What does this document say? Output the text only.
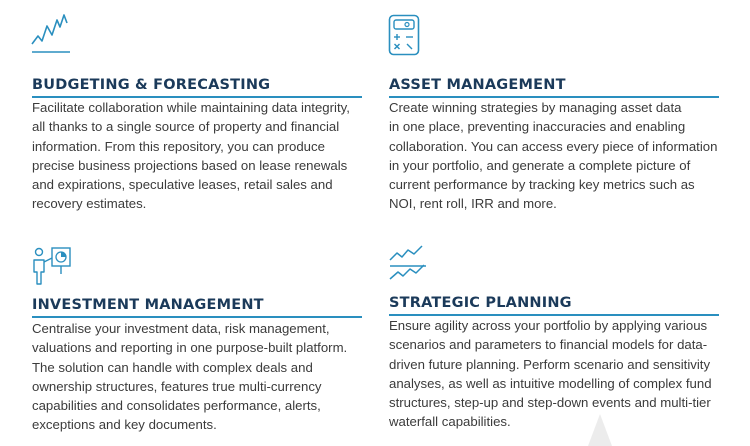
BUDGETING & FORECASTING
Facilitate collaboration while maintaining data integrity,
all thanks to a single source of property and financial
information. From this repository, you can produce
precise business projections based on lease renewals
and expirations, speculative leases, retail sales and
recovery estimates.
ASSET MANAGEMENT
Create winning strategies by managing asset data
in one place, preventing inaccuracies and enabling
collaboration. You can access every piece of information
in your portfolio, and generate a complete picture of
current performance by tracking key metrics such as
NOI, rent roll, IRR and more.
INVESTMENT MANAGEMENT
Centralise your investment data, risk management,
valuations and reporting in one purpose-built platform.
The solution can handle with complex deals and
ownership structures, features true multi-currency
capabilities and consolidates performance, alerts,
exceptions and key documents.
STRATEGIC PLANNING
Ensure agility across your portfolio by applying various
scenarios and parameters to financial models for data-
driven future planning. Perform scenario and sensitivity
analyses, as well as intuitive modelling of complex fund
structures, step-up and step-down events and multi-tier
waterfall capabilities.
